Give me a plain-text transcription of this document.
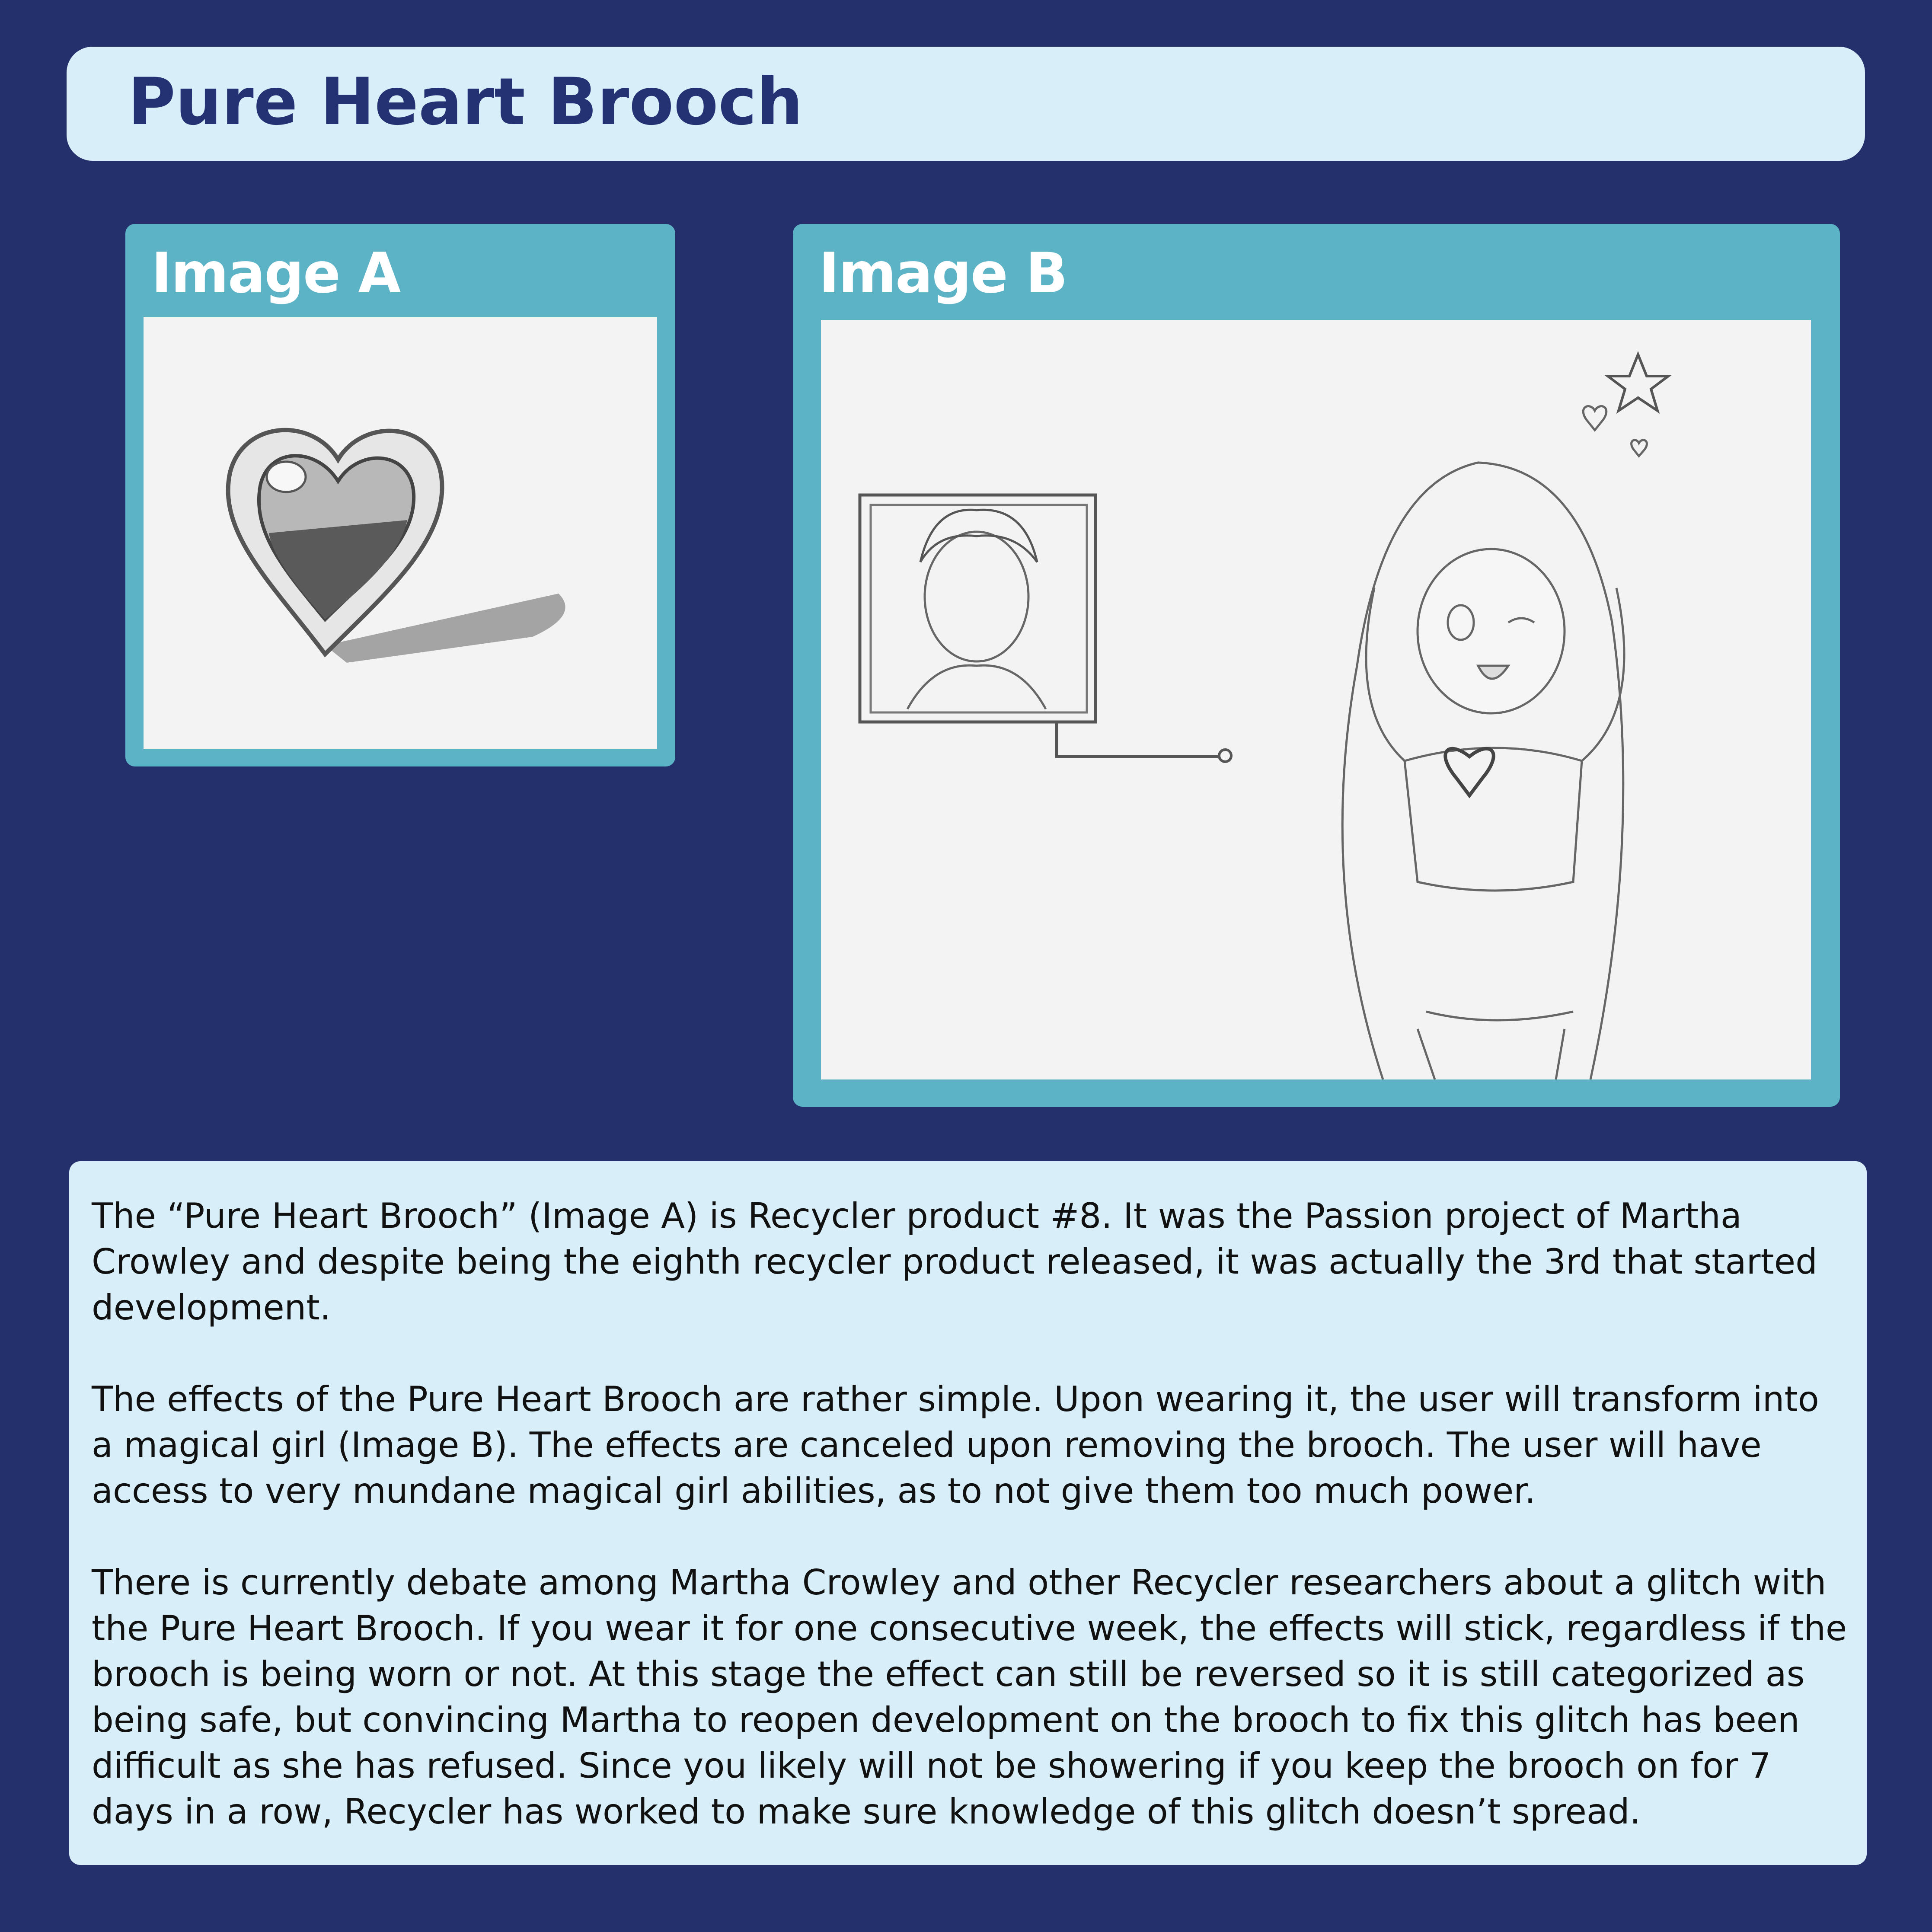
Pure Heart Brooch
Image A	Image B

The “Pure Heart Brooch” (Image A) is Recycler product #8. It was the Passion project of Martha Crowley and despite being the eighth recycler product released, it was actually the 3rd that started development.

The effects of the Pure Heart Brooch are rather simple. Upon wearing it, the user will transform into a magical girl (Image B). The effects are canceled upon removing the brooch. The user will have access to very mundane magical girl abilities, as to not give them too much power.

There is currently debate among Martha Crowley and other Recycler researchers about a glitch with the Pure Heart Brooch. If you wear it for one consecutive week, the effects will stick, regardless if the brooch is being worn or not. At this stage the effect can still be reversed so it is still categorized as being safe, but convincing Martha to reopen development on the brooch to fix this glitch has been difficult as she has refused. Since you likely will not be showering if you keep the brooch on for 7 days in a row, Recycler has worked to make sure knowledge of this glitch doesn’t spread.
